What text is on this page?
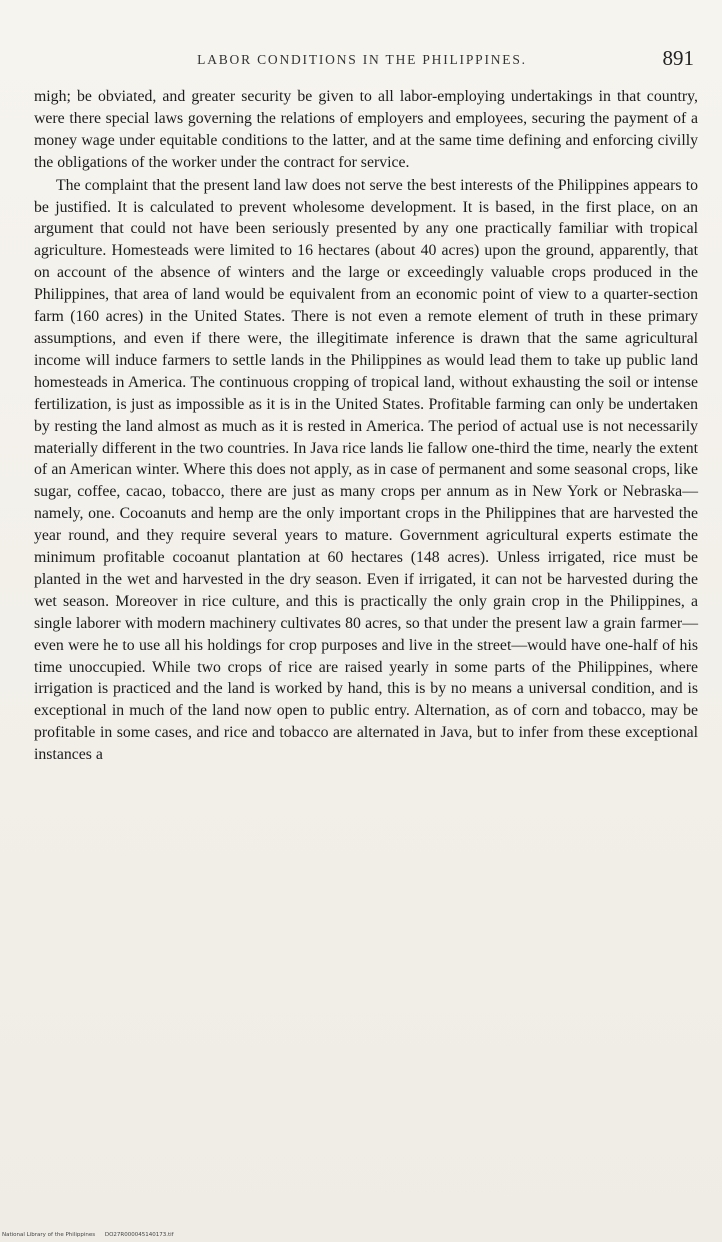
LABOR CONDITIONS IN THE PHILIPPINES.	891

migh; be obviated, and greater security be given to all labor-employing undertakings in that country, were there special laws governing the relations of employers and employees, securing the payment of a money wage under equitable conditions to the latter, and at the same time defining and enforcing civilly the obligations of the worker under the contract for service.

The complaint that the present land law does not serve the best interests of the Philippines appears to be justified. It is calculated to prevent wholesome development. It is based, in the first place, on an argument that could not have been seriously presented by any one practically familiar with tropical agriculture. Homesteads were limited to 16 hectares (about 40 acres) upon the ground, apparently, that on account of the absence of winters and the large or exceedingly valuable crops produced in the Philippines, that area of land would be equivalent from an economic point of view to a quarter-section farm (160 acres) in the United States. There is not even a remote element of truth in these primary assumptions, and even if there were, the illegitimate inference is drawn that the same agricultural income will induce farmers to settle lands in the Philippines as would lead them to take up public land homesteads in America. The continuous cropping of tropical land, without exhausting the soil or intense fertilization, is just as impossible as it is in the United States. Profitable farming can only be undertaken by resting the land almost as much as it is rested in America. The period of actual use is not necessarily materially different in the two countries. In Java rice lands lie fallow one-third the time, nearly the extent of an American winter. Where this does not apply, as in case of permanent and some seasonal crops, like sugar, coffee, cacao, tobacco, there are just as many crops per annum as in New York or Nebraska—namely, one. Cocoanuts and hemp are the only important crops in the Philippines that are harvested the year round, and they require several years to mature. Government agricultural experts estimate the minimum profitable cocoanut plantation at 60 hectares (148 acres). Unless irrigated, rice must be planted in the wet and harvested in the dry season. Even if irrigated, it can not be harvested during the wet season. Moreover in rice culture, and this is practically the only grain crop in the Philippines, a single laborer with modern machinery cultivates 80 acres, so that under the present law a grain farmer—even were he to use all his holdings for crop purposes and live in the street—would have one-half of his time unoccupied. While two crops of rice are raised yearly in some parts of the Philippines, where irrigation is practiced and the land is worked by hand, this is by no means a universal condition, and is exceptional in much of the land now open to public entry. Alternation, as of corn and tobacco, may be profitable in some cases, and rice and tobacco are alternated in Java, but to infer from these exceptional instances a

National Library of the Philippines DO27R000045140173.tif
